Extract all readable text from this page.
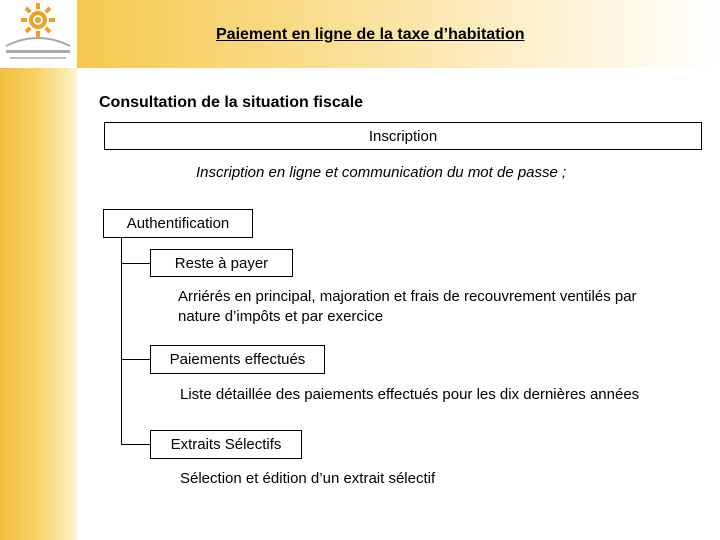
Paiement en ligne de la taxe d’habitation
Consultation de la situation fiscale
Inscription
Inscription en ligne et communication du mot de passe ;
Authentification
Reste à payer
Arriérés en principal, majoration et frais de recouvrement ventilés par
nature d’impôts et par exercice
Paiements effectués
Liste détaillée des paiements effectués pour les dix dernières années
Extraits Sélectifs
Sélection et édition d’un extrait sélectif
